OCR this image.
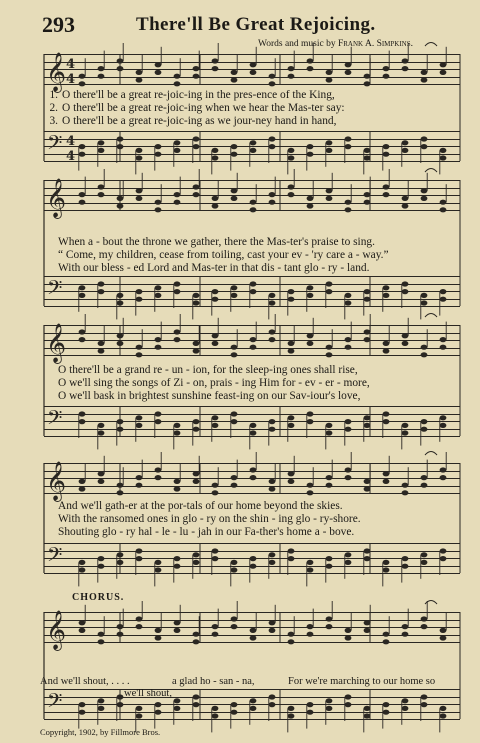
293	There'll Be Great Rejoicing.
Words and music by Frank A. Simpkins.
1. O there'll be a great re-joic-ing in the pres-ence of the King,
2. O there'll be a great re-joic-ing when we hear the Mas-ter say:
3. O there'll be a great re-joic-ing as we jour-ney hand in hand,
When a - bout the throne we gather, there the Mas-ter's praise to sing.
“ Come, my children, cease from toiling, cast your ev - 'ry care a - way.”
With our bless - ed Lord and Mas-ter in that dis - tant glo - ry - land.
O there'll be a grand re - un - ion, for the sleep-ing ones shall rise,
O we'll sing the songs of Zi - on, prais - ing Him for - ev - er - more,
O we'll bask in brightest sunshine feast-ing on our Sav-iour's love,
And we'll gath-er at the por-tals of our home beyond the skies.
With the ransomed ones in glo - ry on the shin - ing glo - ry-shore.
Shouting glo - ry hal - le - lu - jah in our Fa-ther's home a - bove.
CHORUS.
And we'll shout, . . . .	a glad ho - san - na,	For we're marching to our home so
we'll shout,
Copyright, 1902, by Fillmore Bros.
𝄞
𝄢
𝄞
𝄢
𝄞
𝄢
𝄞
𝄢
𝄞
𝄢
4
4
4
4
